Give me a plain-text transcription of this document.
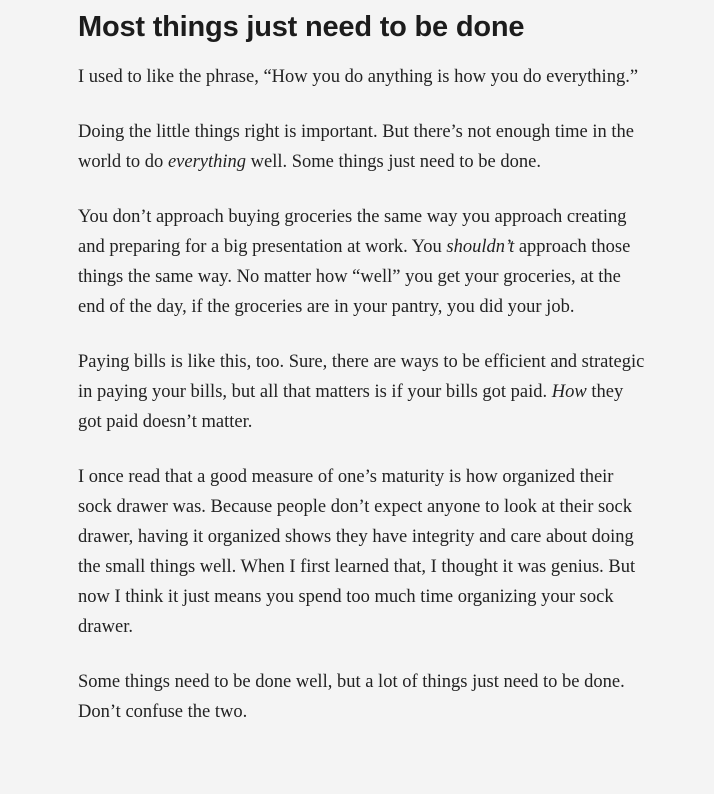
Most things just need to be done

I used to like the phrase, “How you do anything is how you do everything.”

Doing the little things right is important. But there’s not enough time in the world to do everything well. Some things just need to be done.

You don’t approach buying groceries the same way you approach creating and preparing for a big presentation at work. You shouldn’t approach those things the same way. No matter how “well” you get your groceries, at the end of the day, if the groceries are in your pantry, you did your job.

Paying bills is like this, too. Sure, there are ways to be efficient and strategic in paying your bills, but all that matters is if your bills got paid. How they got paid doesn’t matter.

I once read that a good measure of one’s maturity is how organized their sock drawer was. Because people don’t expect anyone to look at their sock drawer, having it organized shows they have integrity and care about doing the small things well. When I first learned that, I thought it was genius. But now I think it just means you spend too much time organizing your sock drawer.

Some things need to be done well, but a lot of things just need to be done. Don’t confuse the two.
